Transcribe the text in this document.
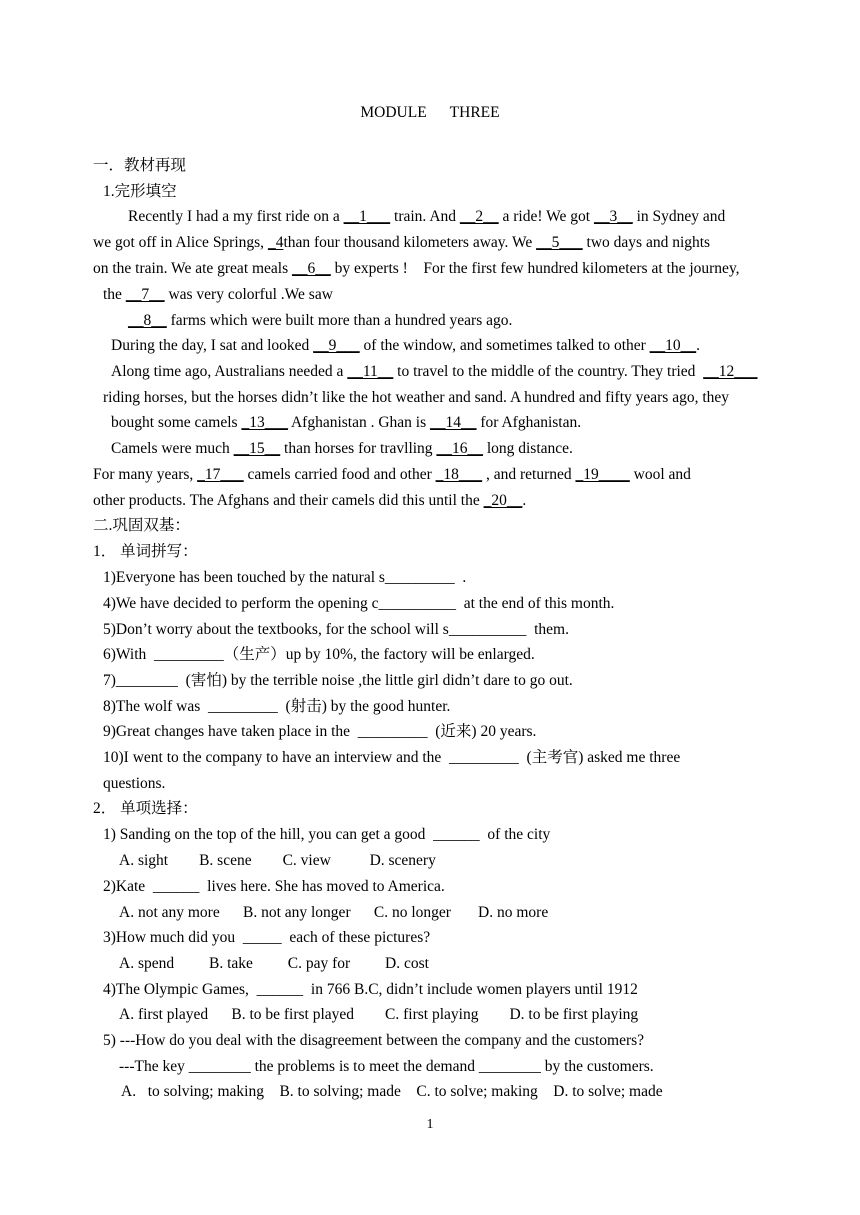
MODULE      THREE
一．教材再现
1.完形填空
Recently I had a my first ride on a __1___ train. And __2__ a ride! We got __3__ in Sydney and
we got off in Alice Springs, _4than four thousand kilometers away. We __5___ two days and nights
on the train. We ate great meals __6__ by experts !    For the first few hundred kilometers at the journey,
the __7__ was very colorful .We saw
__8__ farms which were built more than a hundred years ago.
During the day, I sat and looked __9___ of the window, and sometimes talked to other __10__.
Along time ago, Australians needed a __11__ to travel to the middle of the country. They tried  __12___
riding horses, but the horses didn’t like the hot weather and sand. A hundred and fifty years ago, they
bought some camels _13___ Afghanistan . Ghan is __14__ for Afghanistan.
Camels were much __15__ than horses for travlling __16__ long distance.
For many years, _17___ camels carried food and other _18___ , and returned _19____ wool and
other products. The Afghans and their camels did this until the _20__.
二.巩固双基：
1． 单词拼写：
1)Everyone has been touched by the natural s_________  .
4)We have decided to perform the opening c__________  at the end of this month.
5)Don’t worry about the textbooks, for the school will s__________  them.
6)With  _________（生产）up by 10%, the factory will be enlarged.
7)________  (害怕) by the terrible noise ,the little girl didn’t dare to go out.
8)The wolf was  _________  (射击) by the good hunter.
9)Great changes have taken place in the  _________  (近来) 20 years.
10)I went to the company to have an interview and the  _________  (主考官) asked me three
questions.
2． 单项选择：
1) Sanding on the top of the hill, you can get a good  ______  of the city
A. sight        B. scene        C. view          D. scenery
2)Kate  ______  lives here. She has moved to America.
A. not any more      B. not any longer      C. no longer       D. no more
3)How much did you  _____  each of these pictures?
A. spend         B. take         C. pay for         D. cost
4)The Olympic Games,  ______  in 766 B.C, didn’t include women players until 1912
A. first played      B. to be first played        C. first playing        D. to be first playing
5) ---How do you deal with the disagreement between the company and the customers?
---The key ________ the problems is to meet the demand ________ by the customers.
A.   to solving; making    B. to solving; made    C. to solve; making    D. to solve; made
1
